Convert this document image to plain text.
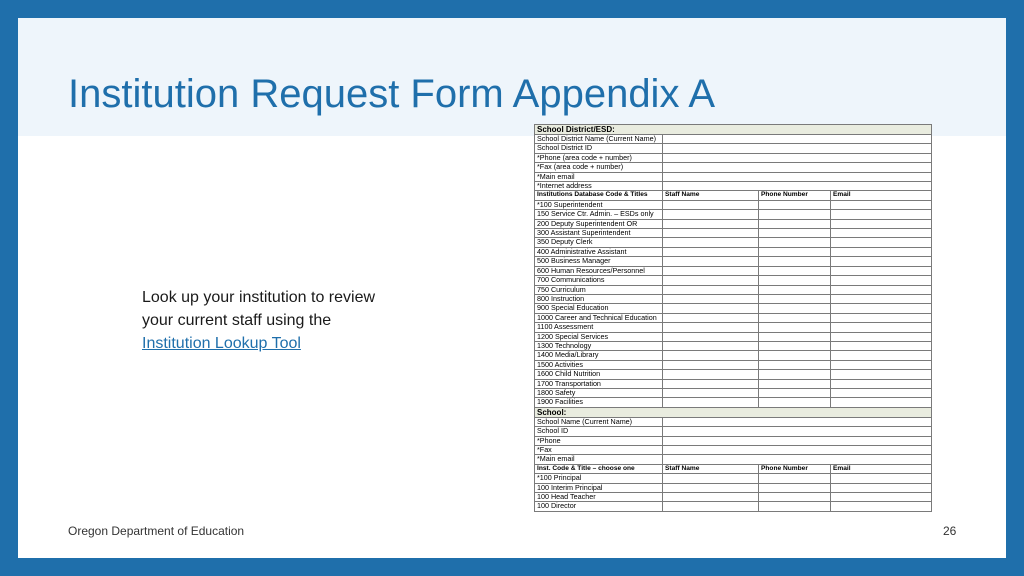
Institution Request Form Appendix A
School District/ESD:			
School District Name (Current Name)			
School District ID			
*Phone (area code + number)			
*Fax (area code + number)			
*Main email			
*Internet address			
Institutions Database Code & Titles	Staff Name	Phone Number	Email
*100 Superintendent			
150 Service Ctr. Admin. – ESDs only			
200 Deputy Superintendent OR			
300 Assistant Superintendent			
350 Deputy Clerk			
400 Administrative Assistant			
500 Business Manager			
600 Human Resources/Personnel			
700 Communications			
750 Curriculum			
800 Instruction			
900 Special Education			
1000 Career and Technical Education			
1100 Assessment			
1200 Special Services			
1300 Technology			
1400 Media/Library			
1500 Activities			
1600 Child Nutrition			
1700 Transportation			
1800 Safety			
1900 Facilities			
School:			
School Name (Current Name)			
School ID			
*Phone			
*Fax			
*Main email			
Inst. Code & Title – choose one	Staff Name	Phone Number	Email
*100 Principal			
100 Interim Principal			
100 Head Teacher			
100 Director			
Look up your institution to review
your current staff using the
Institution Lookup Tool
Oregon Department of Education	26
